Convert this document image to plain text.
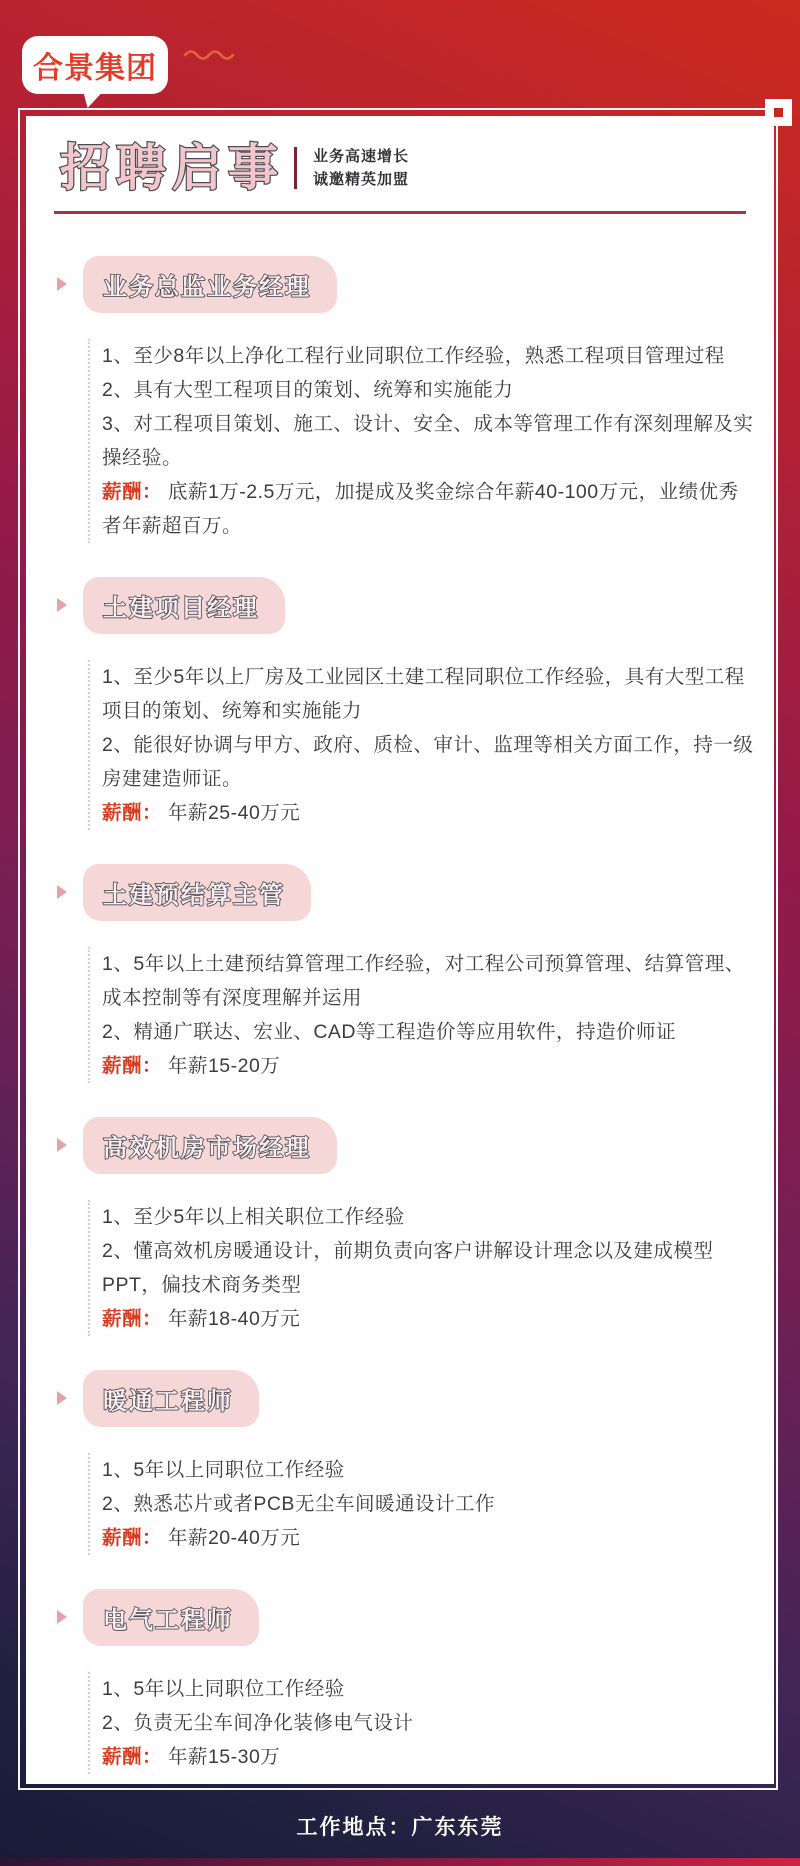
合景集团
招聘启事 业务高速增长
诚邀精英加盟
业务总监业务经理

1、至少8年以上净化工程行业同职位工作经验，熟悉工程项目管理过程

2、具有大型工程项目的策划、统筹和实施能力

3、对工程项目策划、施工、设计、安全、成本等管理工作有深刻理解及实操经验。

薪酬： 底薪1万-2.5万元，加提成及奖金综合年薪40-100万元，业绩优秀者年薪超百万。

土建项目经理

1、至少5年以上厂房及工业园区土建工程同职位工作经验，具有大型工程项目的策划、统筹和实施能力

2、能很好协调与甲方、政府、质检、审计、监理等相关方面工作，持一级房建建造师证。

薪酬： 年薪25-40万元

土建预结算主管

1、5年以上土建预结算管理工作经验，对工程公司预算管理、结算管理、成本控制等有深度理解并运用

2、精通广联达、宏业、CAD等工程造价等应用软件，持造价师证

薪酬： 年薪15-20万

高效机房市场经理

1、至少5年以上相关职位工作经验

2、懂高效机房暖通设计，前期负责向客户讲解设计理念以及建成模型PPT，偏技术商务类型

薪酬： 年薪18-40万元

暖通工程师

1、5年以上同职位工作经验

2、熟悉芯片或者PCB无尘车间暖通设计工作

薪酬： 年薪20-40万元

电气工程师

1、5年以上同职位工作经验

2、负责无尘车间净化装修电气设计

薪酬： 年薪15-30万

工作地点：广东东莞
